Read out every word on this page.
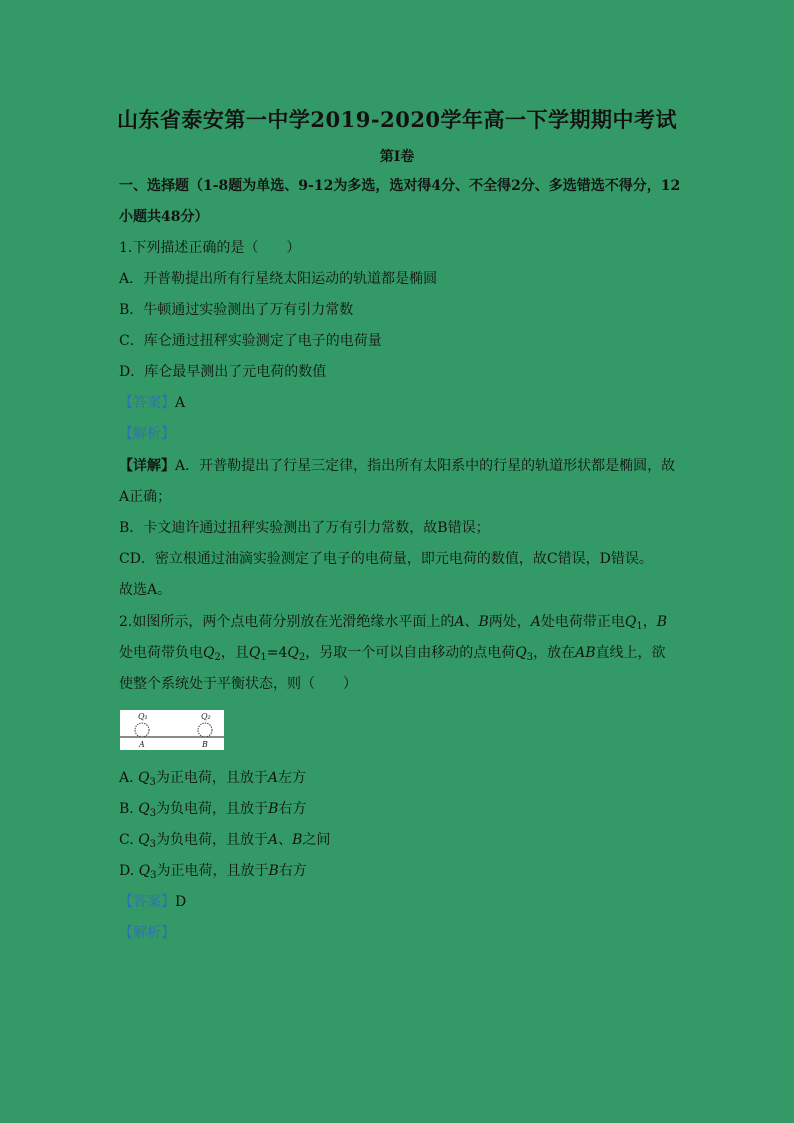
山东省泰安第一中学2019-2020学年高一下学期期中考试
第I卷
一、选择题（1-8题为单选、9-12为多选，选对得4分、不全得2分、多选错选不得分，12
小题共48分）
1.下列描述正确的是（　　）
A．开普勒提出所有行星绕太阳运动的轨道都是椭圆
B．牛顿通过实验测出了万有引力常数
C．库仑通过扭秤实验测定了电子的电荷量
D．库仑最早测出了元电荷的数值
【答案】A
【解析】
【详解】A．开普勒提出了行星三定律，指出所有太阳系中的行星的轨道形状都是椭圆，故
A正确；
B．卡文迪许通过扭秤实验测出了万有引力常数，故B错误；
CD．密立根通过油滴实验测定了电子的电荷量，即元电荷的数值，故C错误，D错误。
故选A。
2.如图所示，两个点电荷分别放在光滑绝缘水平面上的A、B两处，A处电荷带正电$Q_1$，B
处电荷带负电$Q_2$，且$Q_1=4Q_2$，另取一个可以自由移动的点电荷$Q_3$，放在AB直线上，欲
使整个系统处于平衡状态，则（　　）
Q₁	Q₂
A	B
A. $Q_3$为正电荷，且放于A左方
B. $Q_3$为负电荷，且放于B右方
C. $Q_3$为负电荷，且放于A、B之间
D. $Q_3$为正电荷，且放于B右方
【答案】D
【解析】
